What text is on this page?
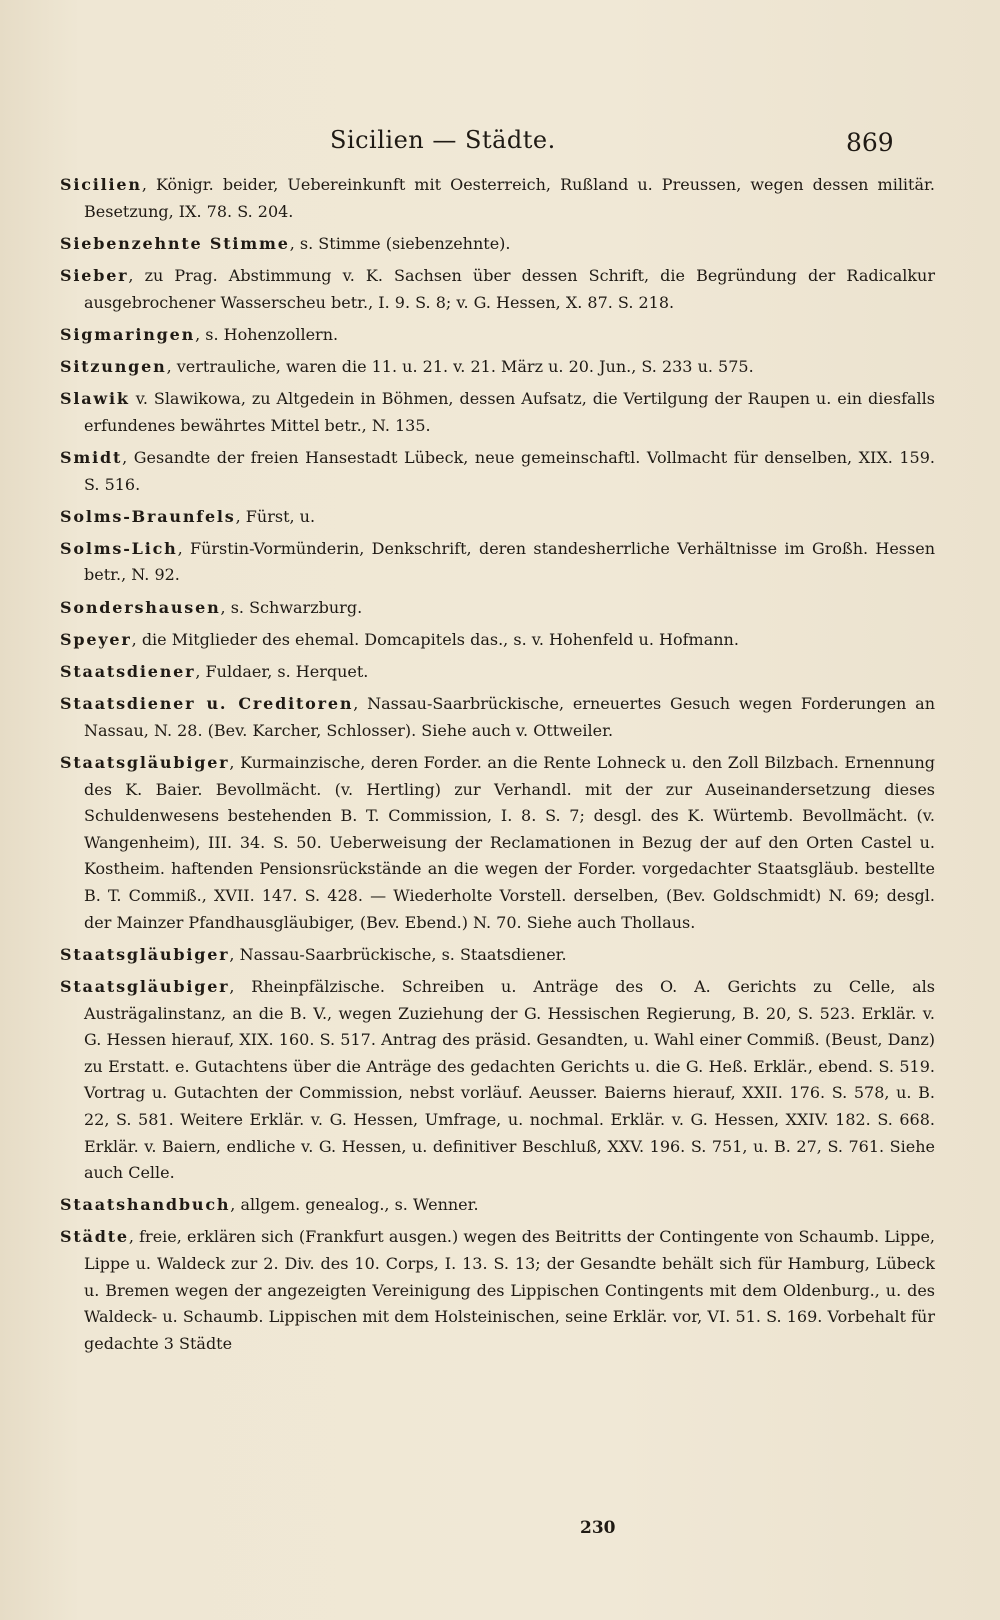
Sicilien — Städte.	869

Sicilien, Königr. beider, Uebereinkunft mit Oesterreich, Rußland u. Preussen, wegen dessen militär. Besetzung, IX. 78. S. 204.

Siebenzehnte Stimme, s. Stimme (siebenzehnte).

Sieber, zu Prag. Abstimmung v. K. Sachsen über dessen Schrift, die Begründung der Radicalkur ausgebrochener Wasserscheu betr., I. 9. S. 8; v. G. Hessen, X. 87. S. 218.

Sigmaringen, s. Hohenzollern.

Sitzungen, vertrauliche, waren die 11. u. 21. v. 21. März u. 20. Jun., S. 233 u. 575.

Slawik v. Slawikowa, zu Altgedein in Böhmen, dessen Aufsatz, die Vertilgung der Raupen u. ein diesfalls erfundenes bewährtes Mittel betr., N. 135.

Smidt, Gesandte der freien Hansestadt Lübeck, neue gemeinschaftl. Vollmacht für denselben, XIX. 159. S. 516.

Solms-Braunfels, Fürst, u.

Solms-Lich, Fürstin-Vormünderin, Denkschrift, deren standesherrliche Verhältnisse im Großh. Hessen betr., N. 92.

Sondershausen, s. Schwarzburg.

Speyer, die Mitglieder des ehemal. Domcapitels das., s. v. Hohenfeld u. Hofmann.

Staatsdiener, Fuldaer, s. Herquet.

Staatsdiener u. Creditoren, Nassau-Saarbrückische, erneuertes Gesuch wegen Forderungen an Nassau, N. 28. (Bev. Karcher, Schlosser). Siehe auch v. Ottweiler.

Staatsgläubiger, Kurmainzische, deren Forder. an die Rente Lohneck u. den Zoll Bilzbach. Ernennung des K. Baier. Bevollmächt. (v. Hertling) zur Verhandl. mit der zur Auseinandersetzung dieses Schuldenwesens bestehenden B. T. Commission, I. 8. S. 7; desgl. des K. Würtemb. Bevollmächt. (v. Wangenheim), III. 34. S. 50. Ueberweisung der Reclamationen in Bezug der auf den Orten Castel u. Kostheim. haftenden Pensionsrückstände an die wegen der Forder. vorgedachter Staatsgläub. bestellte B. T. Commiß., XVII. 147. S. 428. — Wiederholte Vorstell. derselben, (Bev. Goldschmidt) N. 69; desgl. der Mainzer Pfandhausgläubiger, (Bev. Ebend.) N. 70. Siehe auch Thollaus.

Staatsgläubiger, Nassau-Saarbrückische, s. Staatsdiener.

Staatsgläubiger, Rheinpfälzische. Schreiben u. Anträge des O. A. Gerichts zu Celle, als Austrägalinstanz, an die B. V., wegen Zuziehung der G. Hessischen Regierung, B. 20, S. 523. Erklär. v. G. Hessen hierauf, XIX. 160. S. 517. Antrag des präsid. Gesandten, u. Wahl einer Commiß. (Beust, Danz) zu Erstatt. e. Gutachtens über die Anträge des gedachten Gerichts u. die G. Heß. Erklär., ebend. S. 519. Vortrag u. Gutachten der Commission, nebst vorläuf. Aeusser. Baierns hierauf, XXII. 176. S. 578, u. B. 22, S. 581. Weitere Erklär. v. G. Hessen, Umfrage, u. nochmal. Erklär. v. G. Hessen, XXIV. 182. S. 668. Erklär. v. Baiern, endliche v. G. Hessen, u. definitiver Beschluß, XXV. 196. S. 751, u. B. 27, S. 761. Siehe auch Celle.

Staatshandbuch, allgem. genealog., s. Wenner.

Städte, freie, erklären sich (Frankfurt ausgen.) wegen des Beitritts der Contingente von Schaumb. Lippe, Lippe u. Waldeck zur 2. Div. des 10. Corps, I. 13. S. 13; der Gesandte behält sich für Hamburg, Lübeck u. Bremen wegen der angezeigten Vereinigung des Lippischen Contingents mit dem Oldenburg., u. des Waldeck- u. Schaumb. Lippischen mit dem Holsteinischen, seine Erklär. vor, VI. 51. S. 169. Vorbehalt für gedachte 3 Städte

230
